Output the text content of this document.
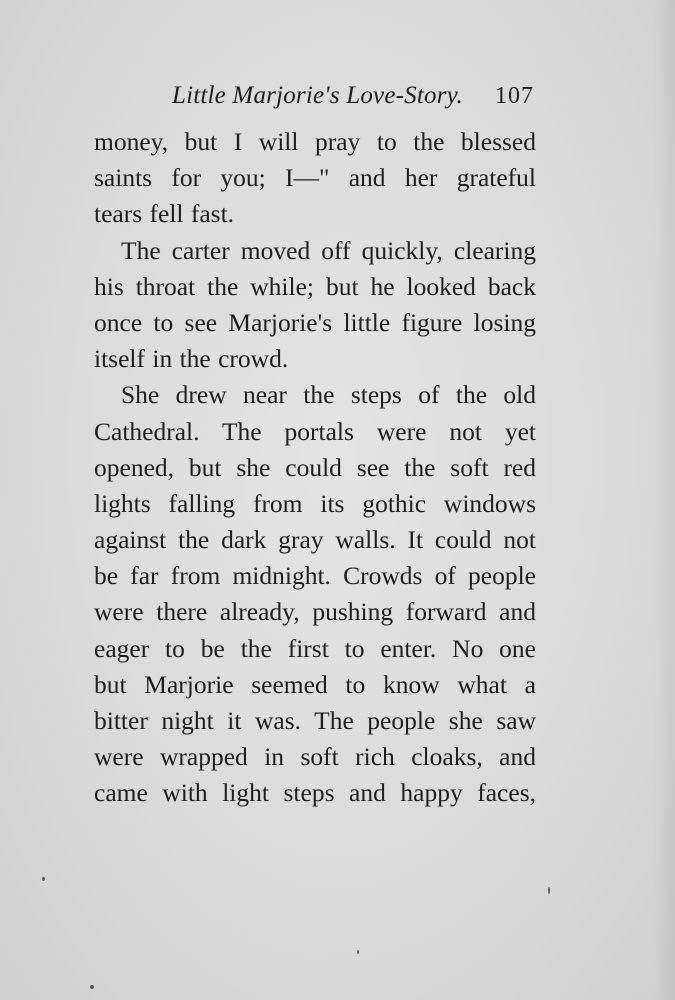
Little Marjorie's Love-Story. 107
money, but I will pray to the blessed
saints for you; I—" and her grateful
tears fell fast.
The carter moved off quickly, clearing
his throat the while; but he looked back
once to see Marjorie's little figure losing
itself in the crowd.
She drew near the steps of the old
Cathedral. The portals were not yet
opened, but she could see the soft red
lights falling from its gothic windows
against the dark gray walls. It could not
be far from midnight. Crowds of people
were there already, pushing forward and
eager to be the first to enter. No one
but Marjorie seemed to know what a
bitter night it was. The people she saw
were wrapped in soft rich cloaks, and
came with light steps and happy faces,
